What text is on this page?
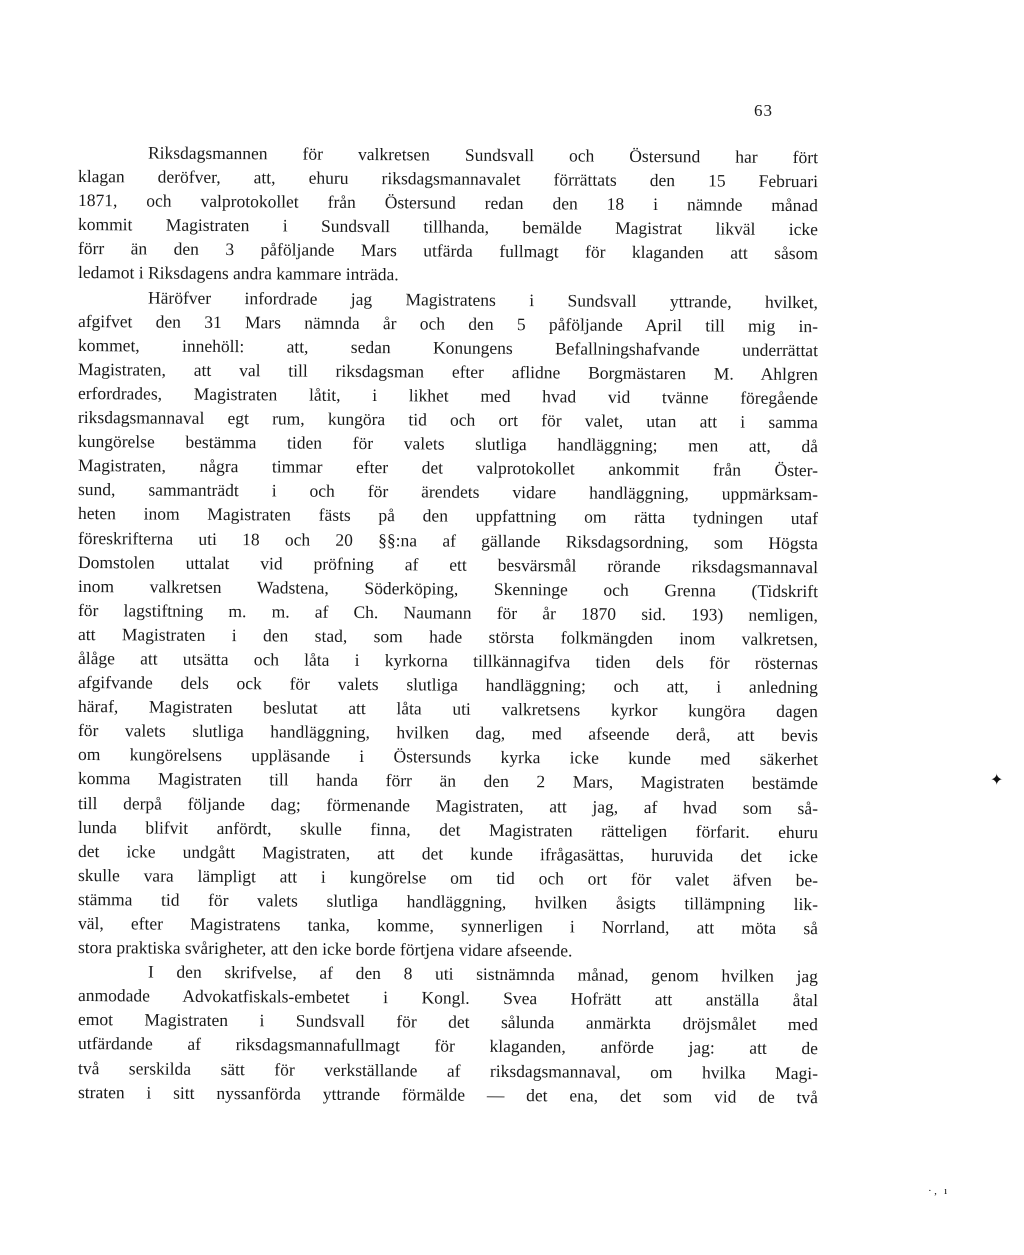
63
Riksdagsmannen för valkretsen Sundsvall och Östersund har fört
klagan deröfver, att, ehuru riksdagsmannavalet förrättats den 15 Februari
1871, och valprotokollet från Östersund redan den 18 i nämnde månad
kommit Magistraten i Sundsvall tillhanda, bemälde Magistrat likväl icke
förr än den 3 påföljande Mars utfärda fullmagt för klaganden att såsom
ledamot i Riksdagens andra kammare inträda.
Häröfver infordrade jag Magistratens i Sundsvall yttrande, hvilket,
afgifvet den 31 Mars nämnda år och den 5 påföljande April till mig in-
kommet, innehöll: att, sedan Konungens Befallningshafvande underrättat
Magistraten, att val till riksdagsman efter aflidne Borgmästaren M. Ahlgren
erfordrades, Magistraten låtit, i likhet med hvad vid tvänne föregående
riksdagsmannaval egt rum, kungöra tid och ort för valet, utan att i samma
kungörelse bestämma tiden för valets slutliga handläggning; men att, då
Magistraten, några timmar efter det valprotokollet ankommit från Öster-
sund, sammanträdt i och för ärendets vidare handläggning, uppmärksam-
heten inom Magistraten fästs på den uppfattning om rätta tydningen utaf
föreskrifterna uti 18 och 20 §§:na af gällande Riksdagsordning, som Högsta
Domstolen uttalat vid pröfning af ett besvärsmål rörande riksdagsmannaval
inom valkretsen Wadstena, Söderköping, Skenninge och Grenna (Tidskrift
för lagstiftning m. m. af Ch. Naumann för år 1870 sid. 193) nemligen,
att Magistraten i den stad, som hade största folkmängden inom valkretsen,
ålåge att utsätta och låta i kyrkorna tillkännagifva tiden dels för rösternas
afgifvande dels ock för valets slutliga handläggning; och att, i anledning
häraf, Magistraten beslutat att låta uti valkretsens kyrkor kungöra dagen
för valets slutliga handläggning, hvilken dag, med afseende derå, att bevis
om kungörelsens uppläsande i Östersunds kyrka icke kunde med säkerhet
komma Magistraten till handa förr än den 2 Mars, Magistraten bestämde
till derpå följande dag; förmenande Magistraten, att jag, af hvad som så-
lunda blifvit anfördt, skulle finna, det Magistraten rätteligen förfarit. ehuru
det icke undgått Magistraten, att det kunde ifrågasättas, huruvida det icke
skulle vara lämpligt att i kungörelse om tid och ort för valet äfven be-
stämma tid för valets slutliga handläggning, hvilken åsigts tillämpning lik-
väl, efter Magistratens tanka, komme, synnerligen i Norrland, att möta så
stora praktiska svårigheter, att den icke borde förtjena vidare afseende.
I den skrifvelse, af den 8 uti sistnämnda månad, genom hvilken jag
anmodade Advokatfiskals-embetet i Kongl. Svea Hofrätt att anställa åtal
emot Magistraten i Sundsvall för det sålunda anmärkta dröjsmålet med
utfärdande af riksdagsmannafullmagt för klaganden, anförde jag: att de
två serskilda sätt för verkställande af riksdagsmannaval, om hvilka Magi-
straten i sitt nyssanförda yttrande förmälde — det ena, det som vid de två
✦
·‚ ı
